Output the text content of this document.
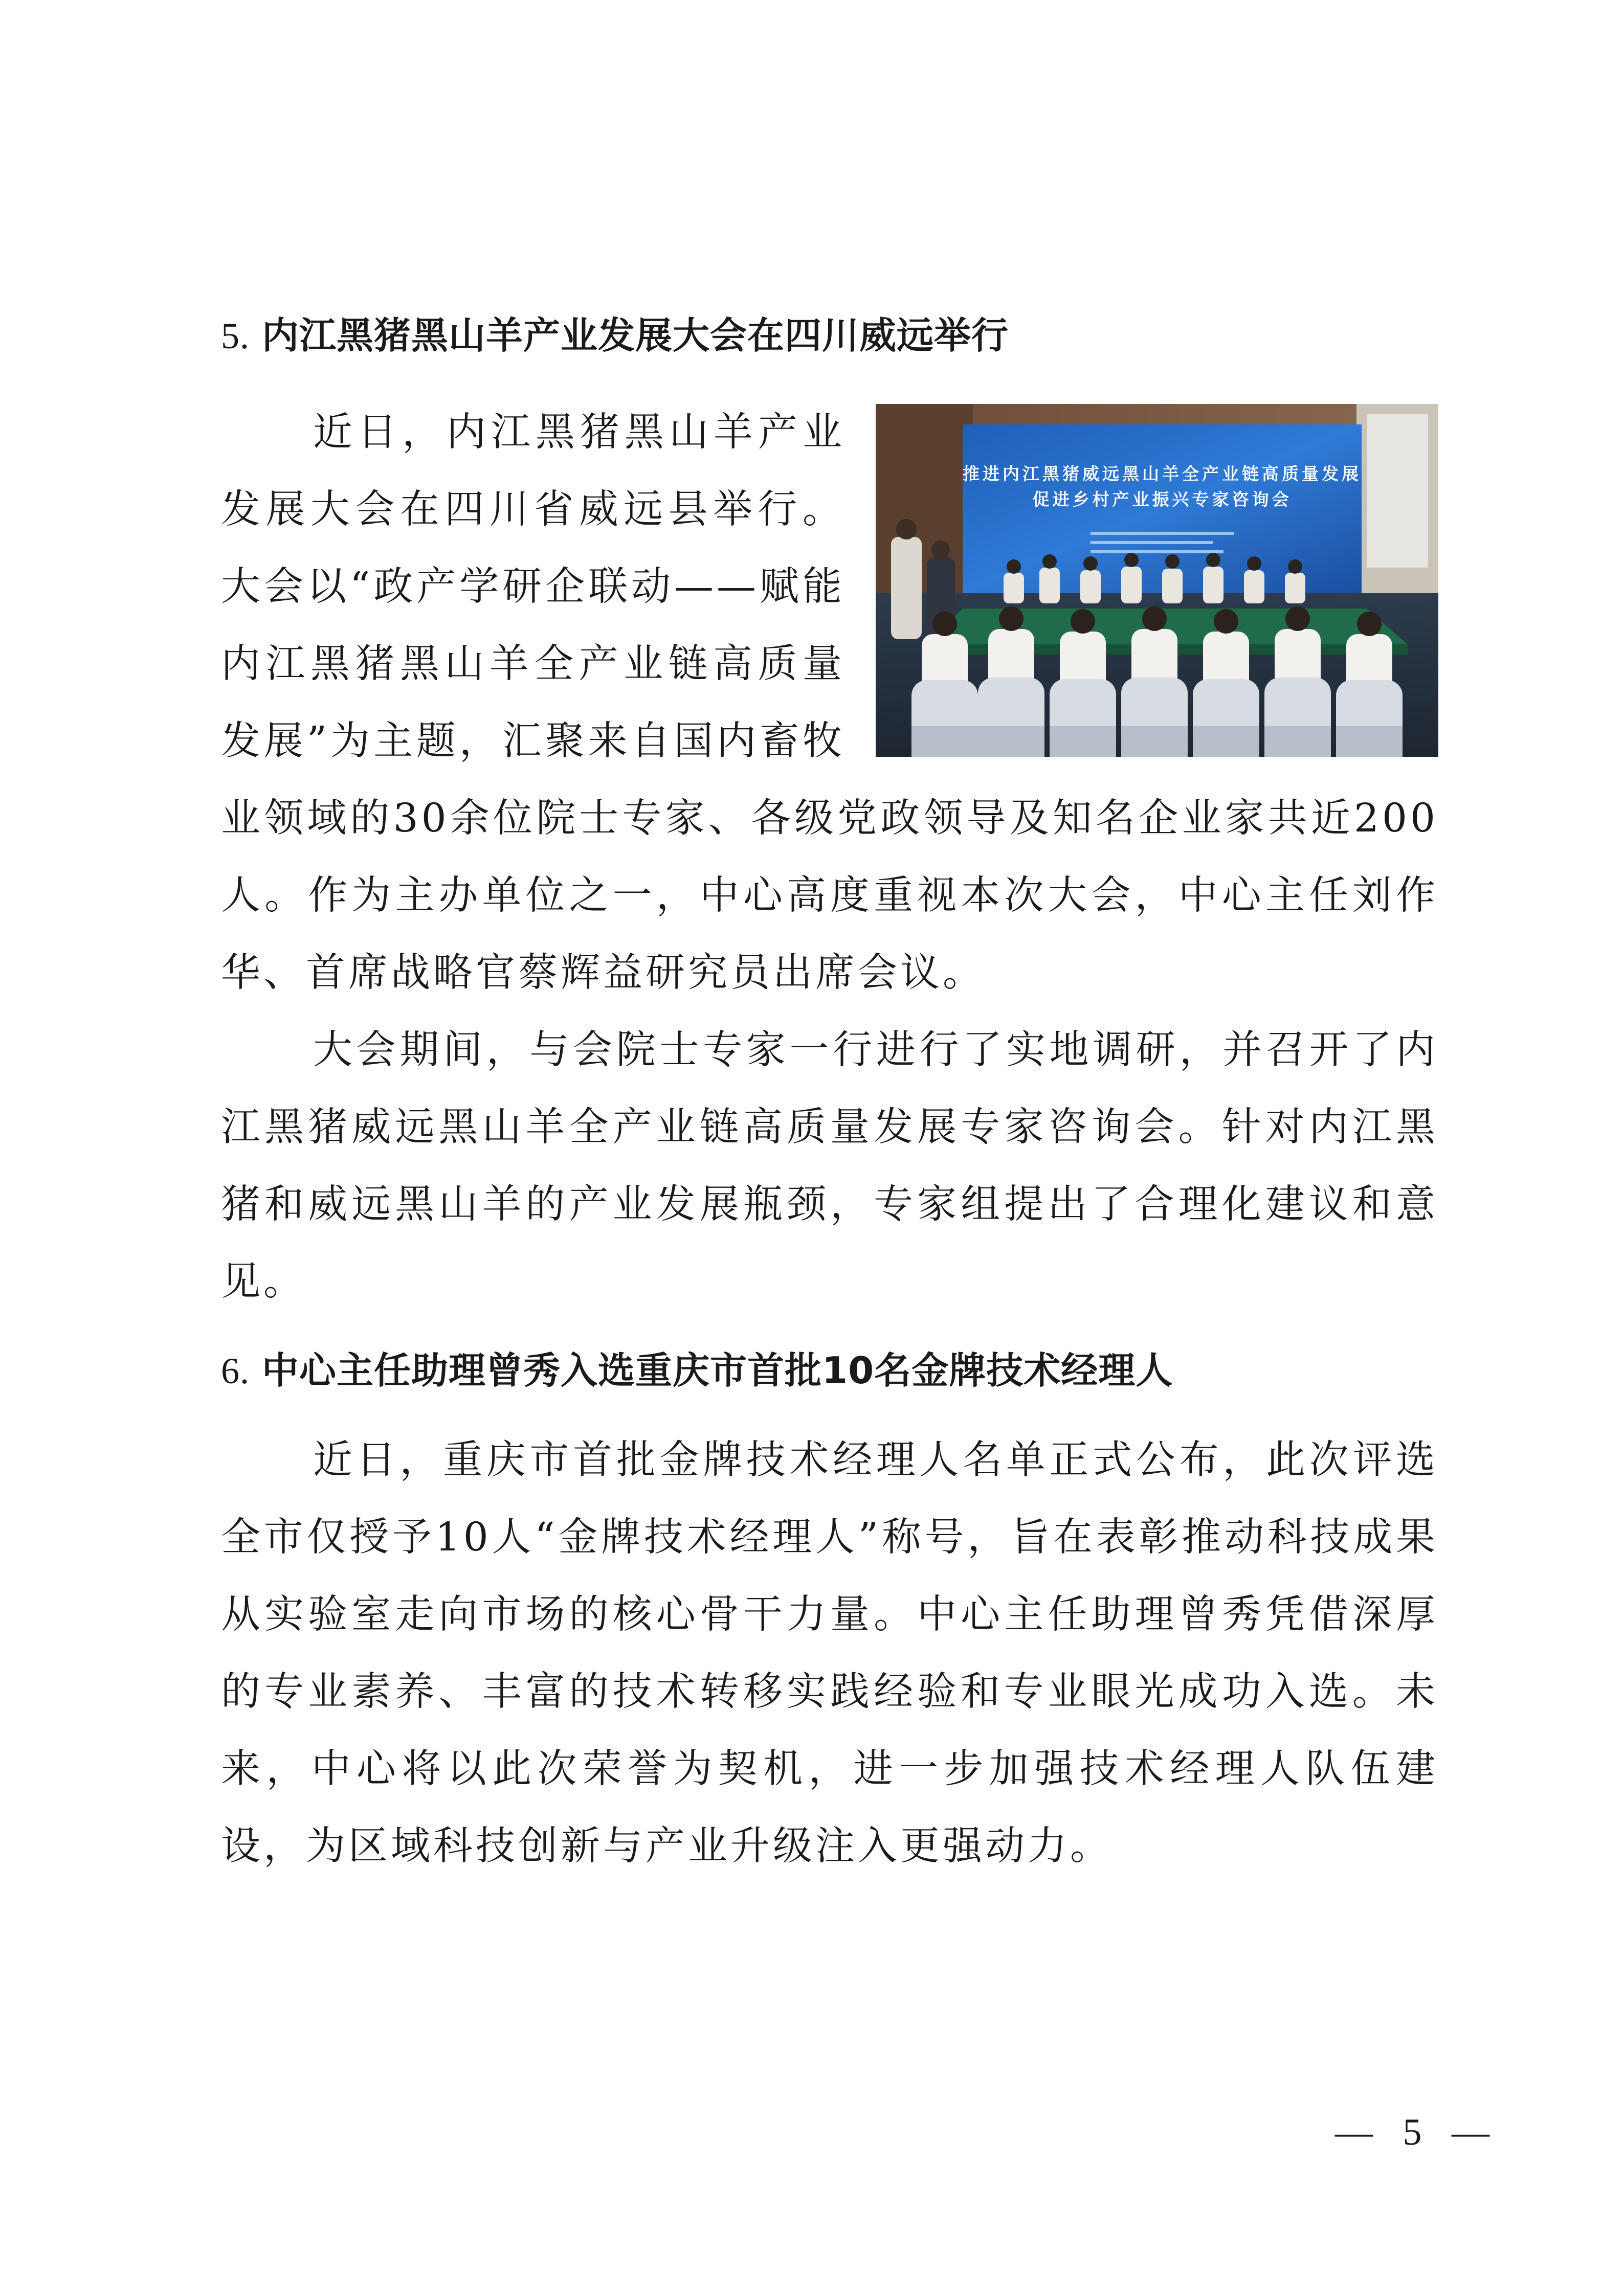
5. 内江黑猪黑山羊产业发展大会在四川威远举行
推进内江黑猪威远黑山羊全产业链高质量发展
促进乡村产业振兴专家咨询会

近日，内江黑猪黑山羊产业发展大会在四川省威远县举行。大会以“政产学研企联动——赋能内江黑猪黑山羊全产业链高质量发展”为主题，汇聚来自国内畜牧业领域的30余位院士专家、各级党政领导及知名企业家共近200人。作为主办单位之一，中心高度重视本次大会，中心主任刘作华、首席战略官蔡辉益研究员出席会议。

大会期间，与会院士专家一行进行了实地调研，并召开了内江黑猪威远黑山羊全产业链高质量发展专家咨询会。针对内江黑猪和威远黑山羊的产业发展瓶颈，专家组提出了合理化建议和意见。

6. 中心主任助理曾秀入选重庆市首批10名金牌技术经理人

近日，重庆市首批金牌技术经理人名单正式公布，此次评选全市仅授予10人“金牌技术经理人”称号，旨在表彰推动科技成果从实验室走向市场的核心骨干力量。中心主任助理曾秀凭借深厚的专业素养、丰富的技术转移实践经验和专业眼光成功入选。未来，中心将以此次荣誉为契机，进一步加强技术经理人队伍建设，为区域科技创新与产业升级注入更强动力。

— 5 —
